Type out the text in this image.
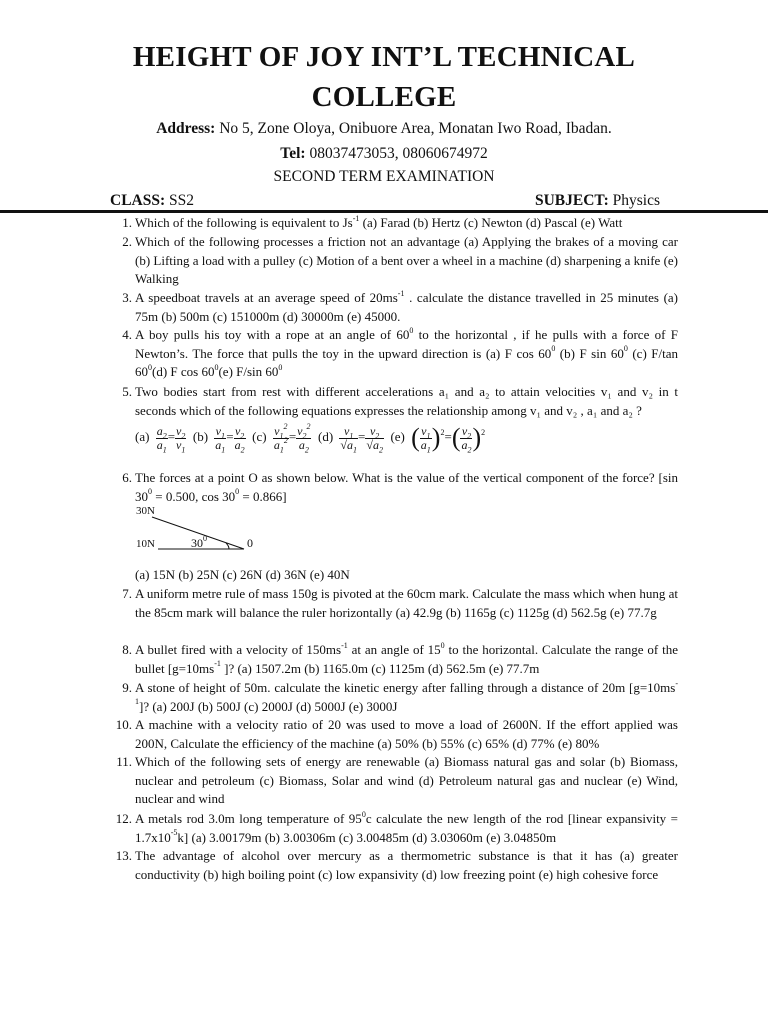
HEIGHT OF JOY INT’L TECHNICAL
COLLEGE
Address: No 5, Zone Oloya, Onibuore Area, Monatan Iwo Road, Ibadan.
Tel: 08037473053, 08060674972
SECOND TERM EXAMINATION
CLASS: SS2	SUBJECT: Physics
1. Which of the following is equivalent to $Js^{-1}$ (a) Farad (b) Hertz (c) Newton (d) Pascal (e) Watt
2. Which of the following processes a friction not an advantage (a) Applying the brakes of a moving car (b) Lifting a load with a pulley (c) Motion of a bent over a wheel in a machine (d) sharpening a knife (e) Walking
3. A speedboat travels at an average speed of $20ms^{-1}$ . calculate the distance travelled in 25 minutes (a) 75m (b) 500m (c) 151000m (d) 30000m (e) 45000.
4. A boy pulls his toy with a rope at an angle of $60^0$ to the horizontal , if he pulls with a force of F Newton’s. The force that pulls the toy in the upward direction is (a) F $\cos 60^0$ (b) F $\sin 60^0$ (c) F/tan $60^0(d)$ F $\cos 60^0(e)$ F/sin $60^0$
5. Two bodies start from rest with different accelerations a₁ and a₂ to attain velocities v₁ and v₂ in t seconds which of the following equations expresses the relationship among v₁ and v₂ , a₁ and a₂ ?
$(a) \frac{a_2}{a_1} = \frac{v_2}{v_1} (b) \frac{v_1}{a_1} = \frac{v_2}{a_2} (c) \frac{v_1^2}{a_1^2} = \frac{v_2^2}{a_2} (d) \frac{v_1}{√a_1} = \frac{v_2}{√a_2} (e)$ ( $\frac{v_1}{a_1} )^2=( \frac{v_2}{a_2} )^2$
6. The forces at a point O as shown below. What is the value of the vertical component of the force? [sin $30^0 = 0.500$, $\cos 30^0 = 0.866$]
30N
10N	$30^0$	0
(a) 15N (b) 25N (c) 26N (d) 36N (e) 40N
7. A uniform metre rule of mass 150g is pivoted at the 60cm mark. Calculate the mass which when hung at the 85cm mark will balance the ruler horizontally (a) 42.9g (b) 1165g (c) 1125g (d) 562.5g (e) 77.7g
8. A bullet fired with a velocity of $150ms^{-1}$ at an angle of $15^0$ to the horizontal. Calculate the range of the bullet [$g=10ms^{-1}$ ]? (a) 1507.2m (b) 1165.0m (c) 1125m (d) 562.5m (e) 77.7m
9. A stone of height of 50m. calculate the kinetic energy after falling through a distance of 20m $[g=10ms^{-1}]$? (a) 200J (b) 500J (c) 2000J (d) 5000J (e) 3000J
10. A machine with a velocity ratio of 20 was used to move a load of 2600N. If the effort applied was 200N, Calculate the efficiency of the machine (a) 50% (b) 55% (c) 65% (d) 77% (e) 80%
11. Which of the following sets of energy are renewable (a) Biomass natural gas and solar (b) Biomass, nuclear and petroleum (c) Biomass, Solar and wind (d) Petroleum natural gas and nuclear (e) Wind, nuclear and wind
12. A metals rod 3.0m long temperature of $95^0c$ calculate the new length of the rod [linear expansivity = $1.7x10^{-5}k$] (a) 3.00179m (b) 3.00306m (c) 3.00485m (d) 3.03060m (e) 3.04850m
13. The advantage of alcohol over mercury as a thermometric substance is that it has (a) greater conductivity (b) high boiling point (c) low expansivity (d) low freezing point (e) high cohesive force
